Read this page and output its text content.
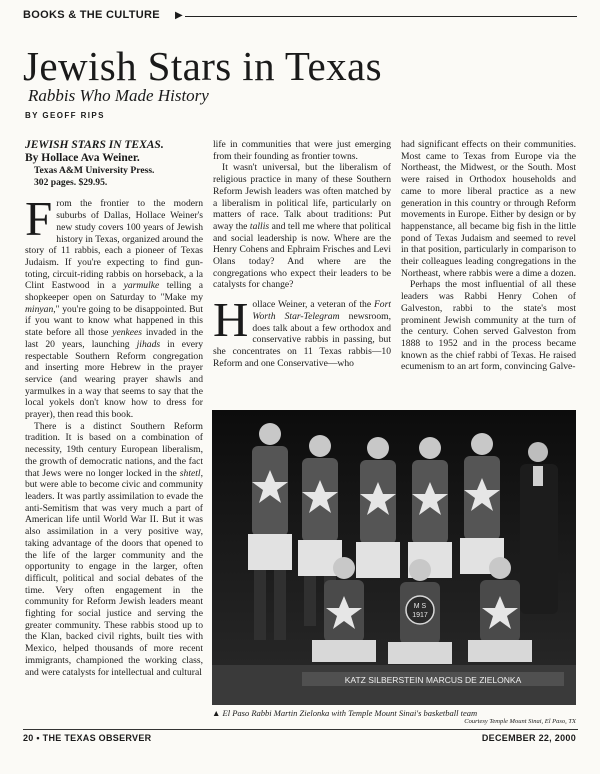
BOOKS & THE CULTURE ▶
Jewish Stars in Texas
Rabbis Who Made History
BY GEOFF RIPS
JEWISH STARS IN TEXAS.
By Hollace Ava Weiner.
Texas A&M University Press.
302 pages. $29.95.

From the frontier to the modern suburbs of Dallas, Hollace Weiner's new study covers 100 years of Jewish history in Texas, organized around the story of 11 rabbis, each a pioneer of Texas Judaism. If you're expecting to find gun-toting, circuit-riding rabbis on horseback, a la Clint Eastwood in a yarmulke telling a shopkeeper open on Saturday to "Make my minyan," you're going to be disappointed. But if you want to know what happened in this state before all those yenkees invaded in the last 20 years, launching jihads in every respectable Southern Reform congregation and inserting more Hebrew in the prayer service (and wearing prayer shawls and yarmulkes in a way that seems to say that the local yokels don't know how to dress for prayer), then read this book.

There is a distinct Southern Reform tradition. It is based on a combination of necessity, 19th century European liberalism, the growth of democratic nations, and the fact that Jews were no longer locked in the shtetl, but were able to become civic and community leaders. It was partly assimilation to evade the anti-Semitism that was very much a part of American life until World War II. But it was also assimilation in a very positive way, taking advantage of the doors that opened to the life of the larger community and the opportunity to engage in the larger, often difficult, political and social debates of the time. Very often engagement in the community for Reform Jewish leaders meant fighting for social justice and serving the greater community. These rabbis stood up to the Klan, backed civil rights, built ties with Mexico, helped thousands of more recent immigrants, championed the working class, and were catalysts for intellectual and cultural

life in communities that were just emerging from their founding as frontier towns.

It wasn't universal, but the liberalism of religious practice in many of these Southern Reform Jewish leaders was often matched by a liberalism in political life, particularly on matters of race. Talk about traditions: Put away the tallis and tell me where that political and social leadership is now. Where are the Henry Cohens and Ephraim Frisches and Levi Olans today? And where are the congregations who expect their leaders to be catalysts for change?

Hollace Weiner, a veteran of the Fort Worth Star-Telegram newsroom, does talk about a few orthodox and conservative rabbis in passing, but she concentrates on 11 Texas rabbis—10 Reform and one Conservative—who

had significant effects on their communities. Most came to Texas from Europe via the Northeast, the Midwest, or the South. Most were raised in Orthodox households and came to more liberal practice as a new generation in this country or through Reform movements in Europe. Either by design or by happenstance, all became big fish in the little pond of Texas Judaism and seemed to revel in that position, particularly in comparison to their colleagues leading congregations in the Northeast, where rabbis were a dime a dozen.

Perhaps the most influential of all these leaders was Rabbi Henry Cohen of Galveston, rabbi to the state's most prominent Jewish community at the turn of the century. Cohen served Galveston from 1888 to 1952 and in the process became known as the chief rabbi of Texas. He raised ecumenism to an art form, convincing Galve-

M S
1917
KATZ SILBERSTEIN MARCUS DE ZIELONKA
▲ El Paso Rabbi Martin Zielonka with Temple Mount Sinai's basketball team
Courtesy Temple Mount Sinai, El Paso, TX
20 • THE TEXAS OBSERVER	DECEMBER 22, 2000
